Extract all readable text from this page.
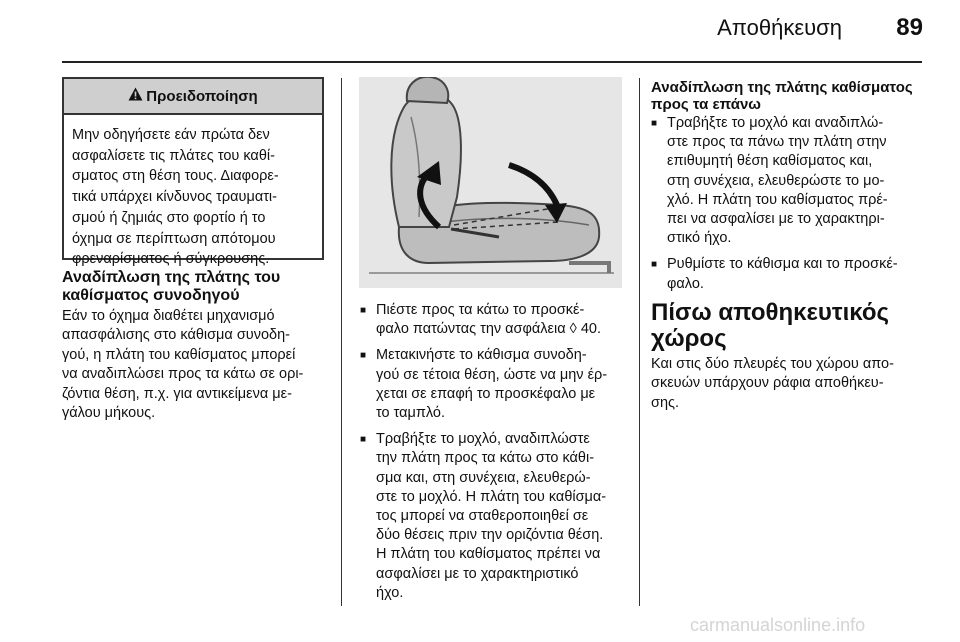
Αποθήκευση 89
Προειδοποίηση
Μην οδηγήσετε εάν πρώτα δεν
ασφαλίσετε τις πλάτες του καθί-
σματος στη θέση τους. Διαφορε-
τικά υπάρχει κίνδυνος τραυματι-
σμού ή ζημιάς στο φορτίο ή το
όχημα σε περίπτωση απότομου
φρεναρίσματος ή σύγκρουσης.
Αναδίπλωση της πλάτης του
καθίσματος συνοδηγού
Εάν το όχημα διαθέτει μηχανισμό
απασφάλισης στο κάθισμα συνοδη-
γού, η πλάτη του καθίσματος μπορεί
να αναδιπλώσει προς τα κάτω σε ορι-
ζόντια θέση, π.χ. για αντικείμενα με-
γάλου μήκους.
■ Πιέστε προς τα κάτω το προσκέ-
φαλο πατώντας την ασφάλεια ◊ 40.
■ Μετακινήστε το κάθισμα συνοδη-
γού σε τέτοια θέση, ώστε να μην έρ-
χεται σε επαφή το προσκέφαλο με
το ταμπλό.
■ Τραβήξτε το μοχλό, αναδιπλώστε
την πλάτη προς τα κάτω στο κάθι-
σμα και, στη συνέχεια, ελευθερώ-
στε το μοχλό. Η πλάτη του καθίσμα-
τος μπορεί να σταθεροποιηθεί σε
δύο θέσεις πριν την οριζόντια θέση.
Η πλάτη του καθίσματος πρέπει να
ασφαλίσει με το χαρακτηριστικό
ήχο.
Αναδίπλωση της πλάτης καθίσματος
προς τα επάνω
■ Τραβήξτε το μοχλό και αναδιπλώ-
στε προς τα πάνω την πλάτη στην
επιθυμητή θέση καθίσματος και,
στη συνέχεια, ελευθερώστε το μο-
χλό. Η πλάτη του καθίσματος πρέ-
πει να ασφαλίσει με το χαρακτηρι-
στικό ήχο.
■ Ρυθμίστε το κάθισμα και το προσκέ-
φαλο.
Πίσω αποθηκευτικός
χώρος
Και στις δύο πλευρές του χώρου απο-
σκευών υπάρχουν ράφια αποθήκευ-
σης.
carmanualsonline.info
